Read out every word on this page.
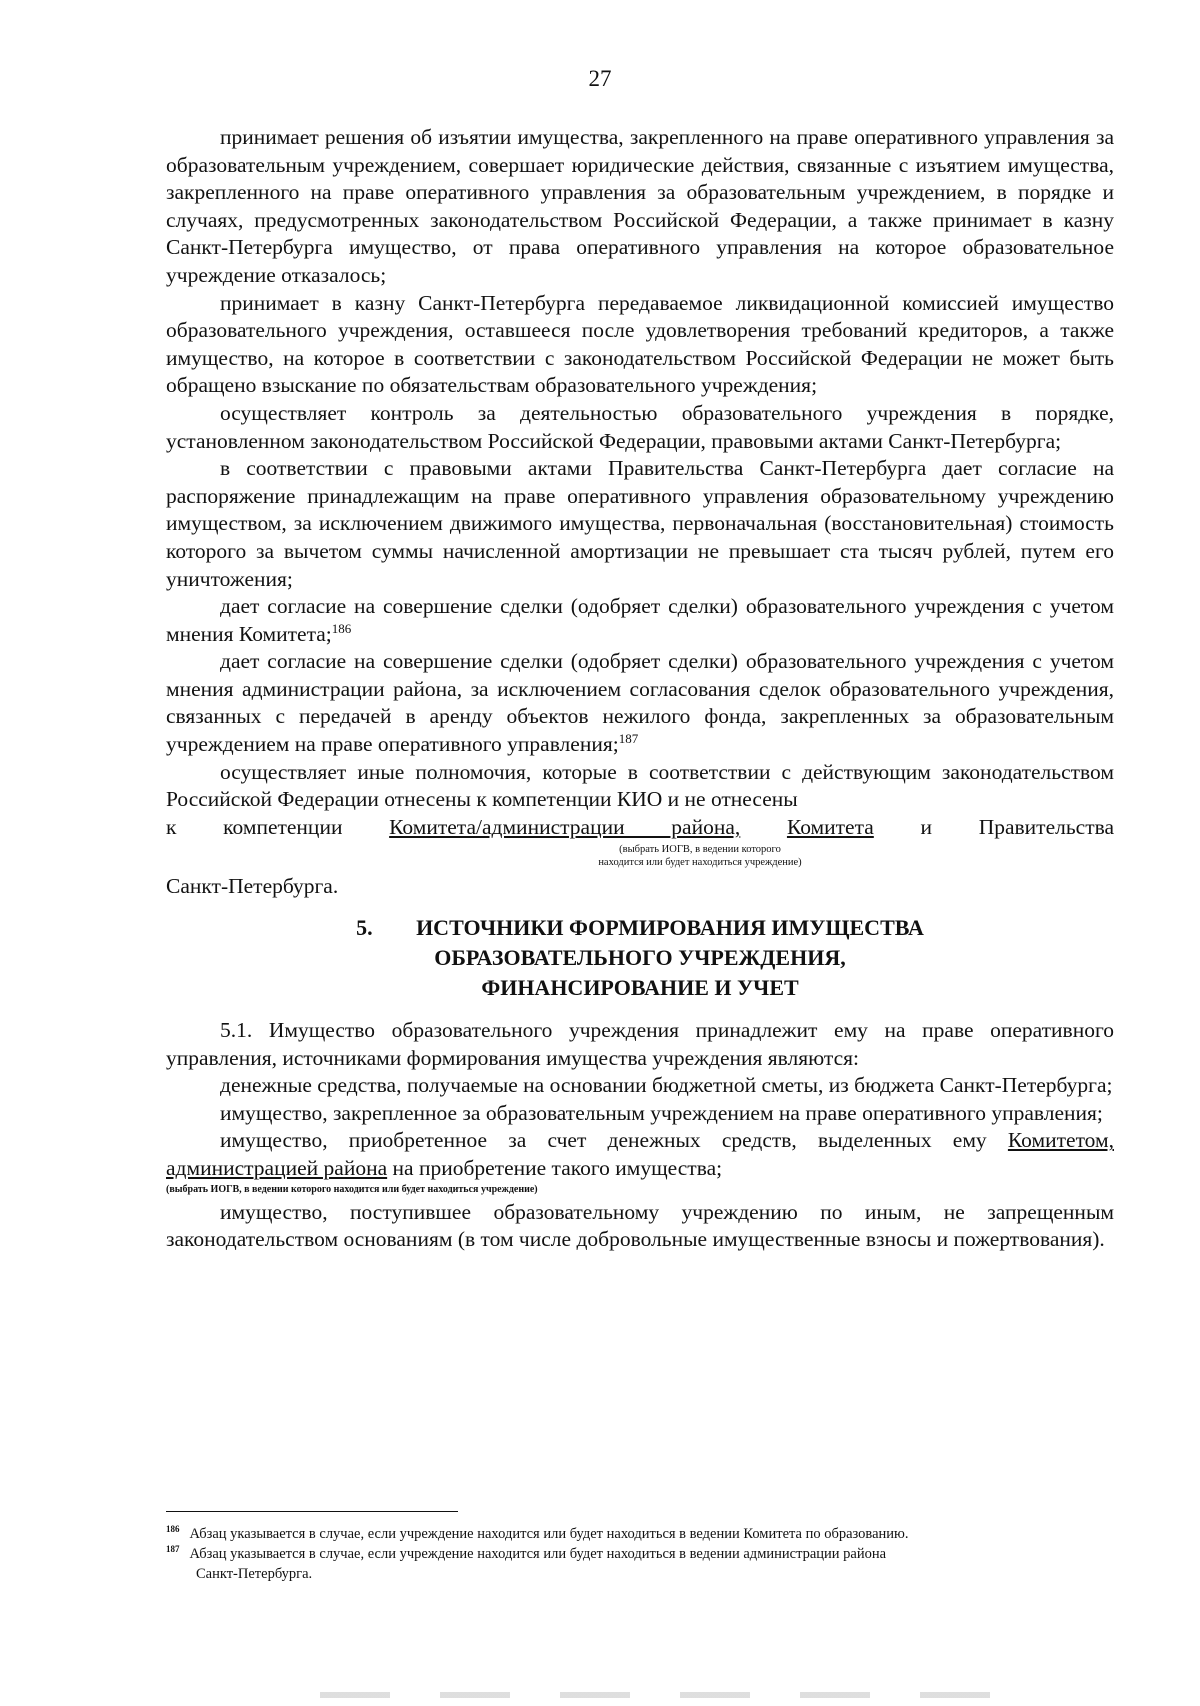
27

принимает решения об изъятии имущества, закрепленного на праве оперативного управления за образовательным учреждением, совершает юридические действия, связанные с изъятием имущества, закрепленного на праве оперативного управления за образовательным учреждением, в порядке и случаях, предусмотренных законодательством Российской Федерации, а также принимает в казну Санкт-Петербурга имущество, от права оперативного управления на которое образовательное учреждение отказалось;

принимает в казну Санкт-Петербурга передаваемое ликвидационной комиссией имущество образовательного учреждения, оставшееся после удовлетворения требований кредиторов, а также имущество, на которое в соответствии с законодательством Российской Федерации не может быть обращено взыскание по обязательствам образовательного учреждения;

осуществляет контроль за деятельностью образовательного учреждения в порядке, установленном законодательством Российской Федерации, правовыми актами Санкт-Петербурга;

в соответствии с правовыми актами Правительства Санкт-Петербурга дает согласие на распоряжение принадлежащим на праве оперативного управления образовательному учреждению имуществом, за исключением движимого имущества, первоначальная (восстановительная) стоимость которого за вычетом суммы начисленной амортизации не превышает ста тысяч рублей, путем его уничтожения;

дает согласие на совершение сделки (одобряет сделки) образовательного учреждения с учетом мнения Комитета;$^{186}$

дает согласие на совершение сделки (одобряет сделки) образовательного учреждения с учетом мнения администрации района, за исключением согласования сделок образовательного учреждения, связанных с передачей в аренду объектов нежилого фонда, закрепленных за образовательным учреждением на праве оперативного управления;$^{187}$

осуществляет иные полномочия, которые в соответствии с действующим законодательством Российской Федерации отнесены к компетенции КИО и не отнесены

к компетенции Комитета/администрации района, Комитета и Правительства

(выбрать ИОГВ, в ведении которого
находится или будет находиться учреждение)

Санкт-Петербурга.

5. ИСТОЧНИКИ ФОРМИРОВАНИЯ ИМУЩЕСТВА
ОБРАЗОВАТЕЛЬНОГО УЧРЕЖДЕНИЯ,
ФИНАНСИРОВАНИЕ И УЧЕТ

5.1. Имущество образовательного учреждения принадлежит ему на праве оперативного управления, источниками формирования имущества учреждения являются:

денежные средства, получаемые на основании бюджетной сметы, из бюджета Санкт-Петербурга;

имущество, закрепленное за образовательным учреждением на праве оперативного управления;

имущество, приобретенное за счет денежных средств, выделенных ему Комитетом, администрацией района на приобретение такого имущества;

(выбрать ИОГВ, в ведении которого находится или будет находиться учреждение)

имущество, поступившее образовательному учреждению по иным, не запрещенным законодательством основаниям (в том числе добровольные имущественные взносы и пожертвования).

$^{186}$ Абзац указывается в случае, если учреждение находится или будет находиться в ведении Комитета по образованию.

$^{187}$ Абзац указывается в случае, если учреждение находится или будет находиться в ведении администрации района

Санкт-Петербурга.
